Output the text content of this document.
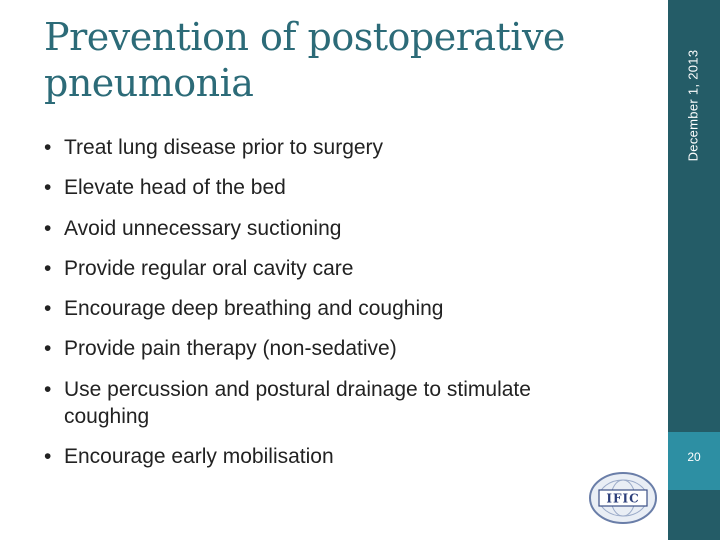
Prevention of postoperative pneumonia
• Treat lung disease prior to surgery
• Elevate head of the bed
• Avoid unnecessary suctioning
• Provide regular oral cavity care
• Encourage deep breathing and coughing
• Provide pain therapy (non-sedative)
• Use percussion and postural drainage to stimulate coughing
• Encourage early mobilisation
December 1, 2013
20
IFIC
